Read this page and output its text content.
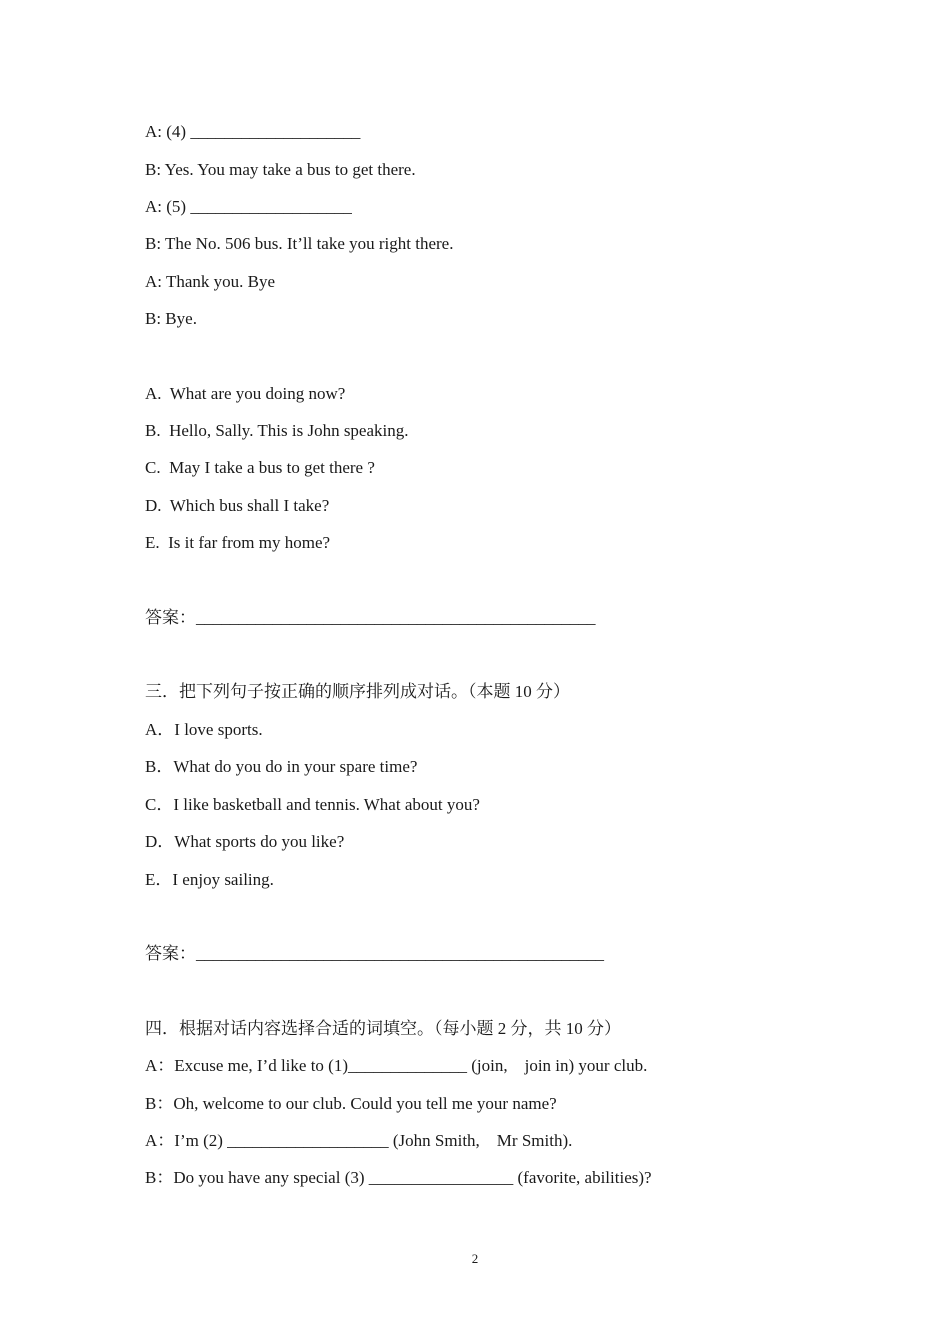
A: (4) ____________________
B: Yes. You may take a bus to get there.
A: (5) ___________________
B: The No. 506 bus. It’ll take you right there.
A: Thank you. Bye
B: Bye.
A.  What are you doing now?
B.  Hello, Sally. This is John speaking.
C.  May I take a bus to get there ?
D.  Which bus shall I take?
E.  Is it far from my home?
答案：_______________________________________________
三．把下列句子按正确的顺序排列成对话。（本题 10 分）
A．I love sports.
B．What do you do in your spare time?
C．I like basketball and tennis. What about you?
D．What sports do you like?
E．I enjoy sailing.
答案：________________________________________________
四．根据对话内容选择合适的词填空。（每小题 2 分，共 10 分）
A：Excuse me, I’d like to (1)______________ (join,    join in) your club.
B：Oh, welcome to our club. Could you tell me your name?
A：I’m (2) ___________________ (John Smith,    Mr Smith).
B：Do you have any special (3) _________________ (favorite, abilities)?
2
